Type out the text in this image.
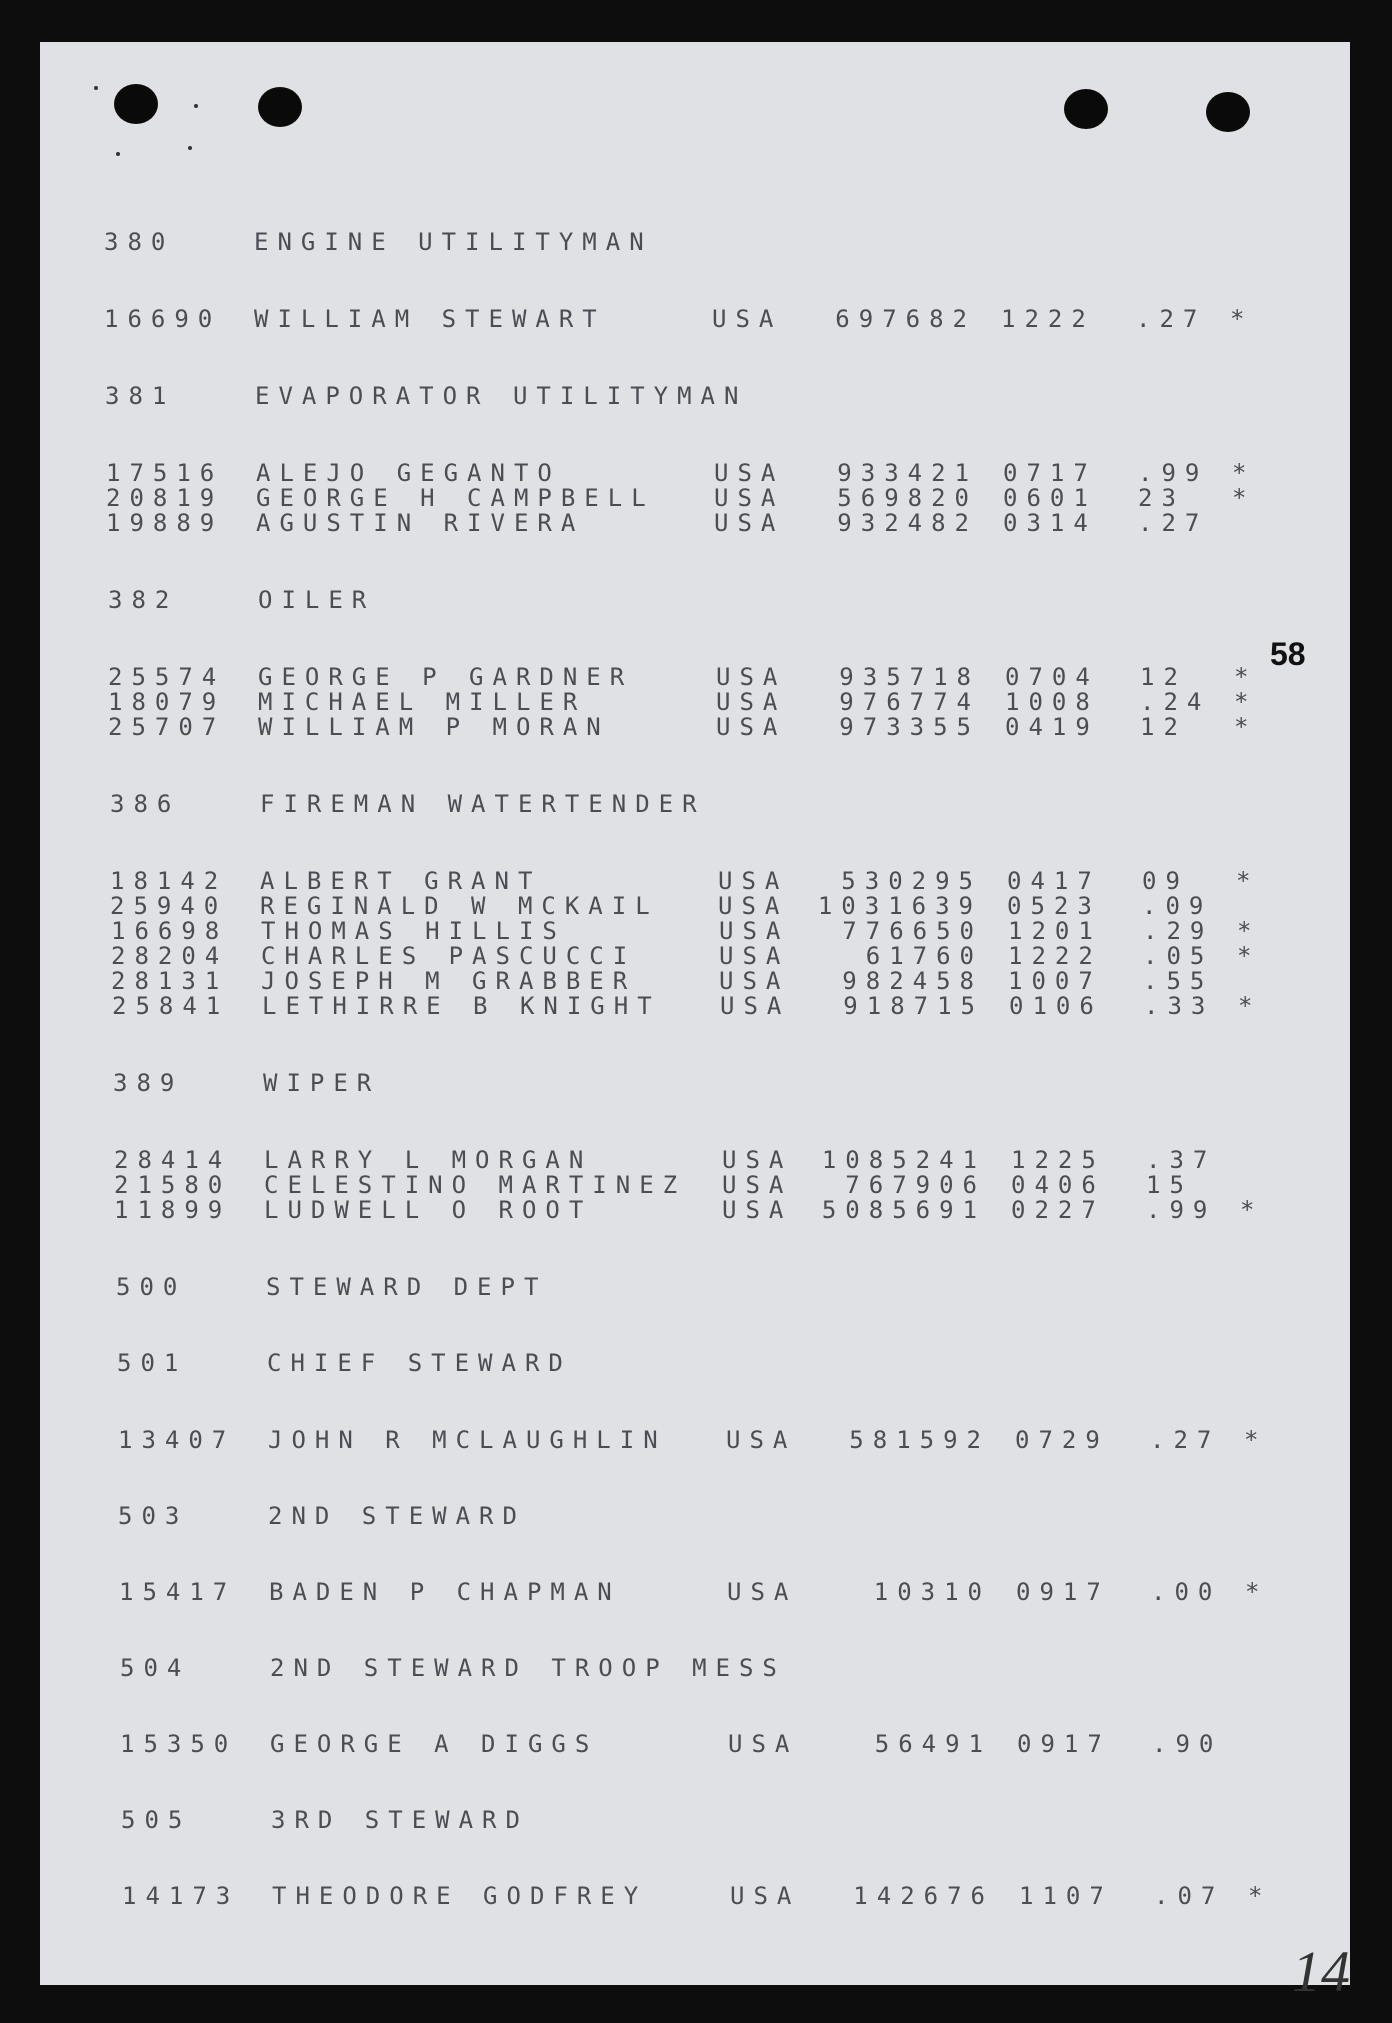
58
380	ENGINE UTILITYMAN
16690 WILLIAM STEWART	USA	697682 1222 .27 *
381	EVAPORATOR UTILITYMAN
17516 ALEJO GEGANTO	USA	933421 0717 .99 *
20819 GEORGE H CAMPBELL USA	569820 0601 23 *
19889 AGUSTIN RIVERA	USA	932482 0314 .27
382	OILER
25574 GEORGE P GARDNER	USA	935718 0704 12 *
18079 MICHAEL MILLER	USA	976774 1008 .24 *
25707 WILLIAM P MORAN	USA	973355 0419 12 *
386	FIREMAN WATERTENDER
18142 ALBERT GRANT	USA	530295 0417 09 *
25940 REGINALD W MCKAIL USA	1031639 0523 .09
16698 THOMAS HILLIS	USA	776650 1201 .29 *
28204 CHARLES PASCUCCI	USA	61760 1222 .05 *
28131 JOSEPH M GRABBER	USA	982458 1007 .55
25841 LETHIRRE B KNIGHT USA	918715 0106 .33 *
389	WIPER
28414 LARRY L MORGAN	USA	1085241 1225 .37
21580 CELESTINO MARTINEZ USA	767906 0406 15
11899 LUDWELL O ROOT	USA	5085691 0227 .99 *
500	STEWARD DEPT
501	CHIEF STEWARD
13407 JOHN R MCLAUGHLIN USA	581592 0729 .27 *
503	2ND STEWARD
15417 BADEN P CHAPMAN	USA	10310 0917 .00 *
504	2ND STEWARD TROOP MESS
15350 GEORGE A DIGGS	USA	56491 0917 .90
505	3RD STEWARD
14173 THEODORE GODFREY	USA	142676 1107 .07 *
14
